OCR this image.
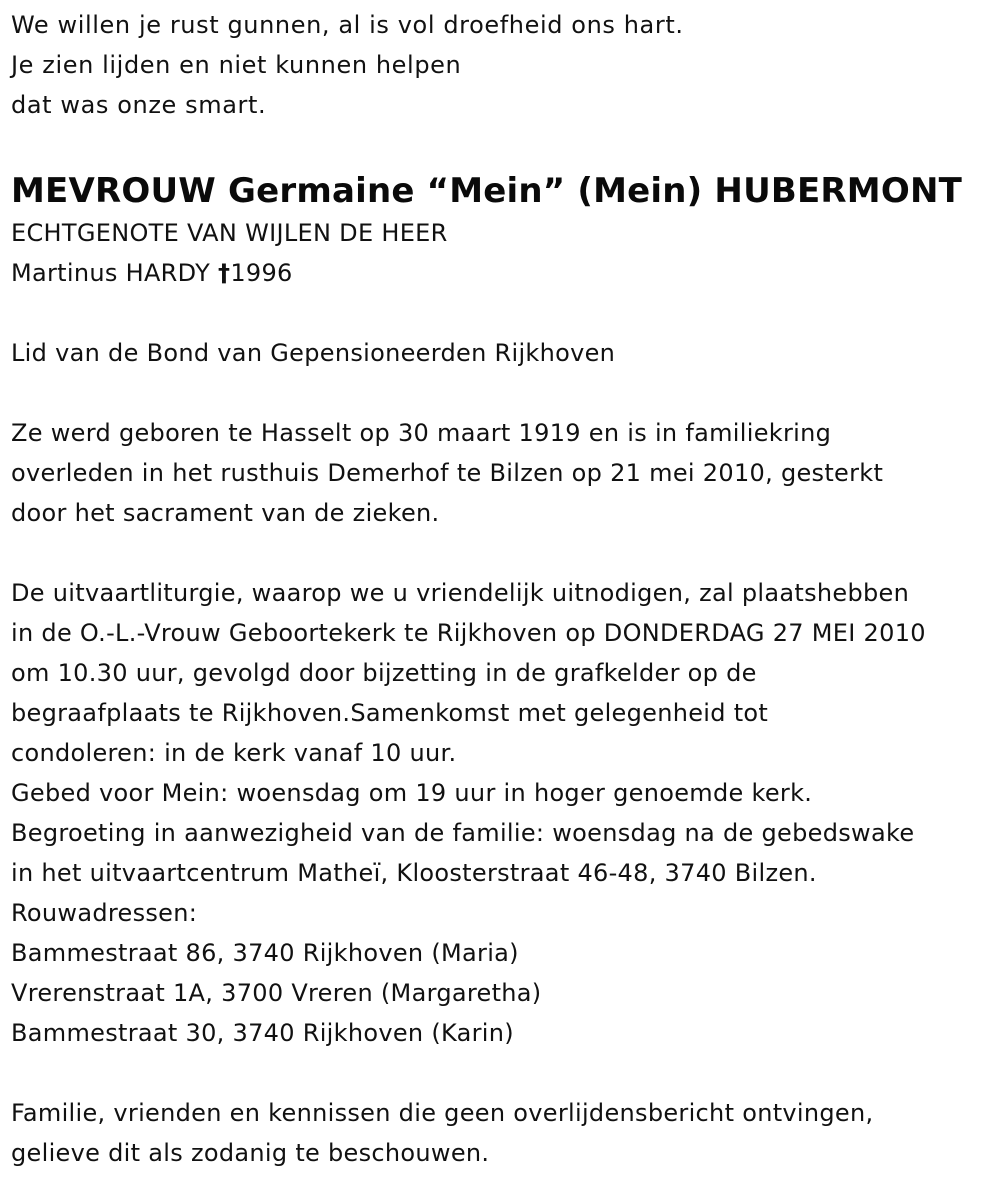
We willen je rust gunnen, al is vol droefheid ons hart.
Je zien lijden en niet kunnen helpen
dat was onze smart.
MEVROUW Germaine “Mein” (Mein) HUBERMONT
ECHTGENOTE VAN WIJLEN DE HEER
Martinus HARDY †1996
Lid van de Bond van Gepensioneerden Rijkhoven
Ze werd geboren te Hasselt op 30 maart 1919 en is in familiekring
overleden in het rusthuis Demerhof te Bilzen op 21 mei 2010, gesterkt
door het sacrament van de zieken.
De uitvaartliturgie, waarop we u vriendelijk uitnodigen, zal plaatshebben
in de O.-L.-Vrouw Geboortekerk te Rijkhoven op DONDERDAG 27 MEI 2010
om 10.30 uur, gevolgd door bijzetting in de grafkelder op de
begraafplaats te Rijkhoven.Samenkomst met gelegenheid tot
condoleren: in de kerk vanaf 10 uur.
Gebed voor Mein: woensdag om 19 uur in hoger genoemde kerk.
Begroeting in aanwezigheid van de familie: woensdag na de gebedswake
in het uitvaartcentrum Matheï, Kloosterstraat 46-48, 3740 Bilzen.
Rouwadressen:
Bammestraat 86, 3740 Rijkhoven (Maria)
Vrerenstraat 1A, 3700 Vreren (Margaretha)
Bammestraat 30, 3740 Rijkhoven (Karin)
Familie, vrienden en kennissen die geen overlijdensbericht ontvingen,
gelieve dit als zodanig te beschouwen.
